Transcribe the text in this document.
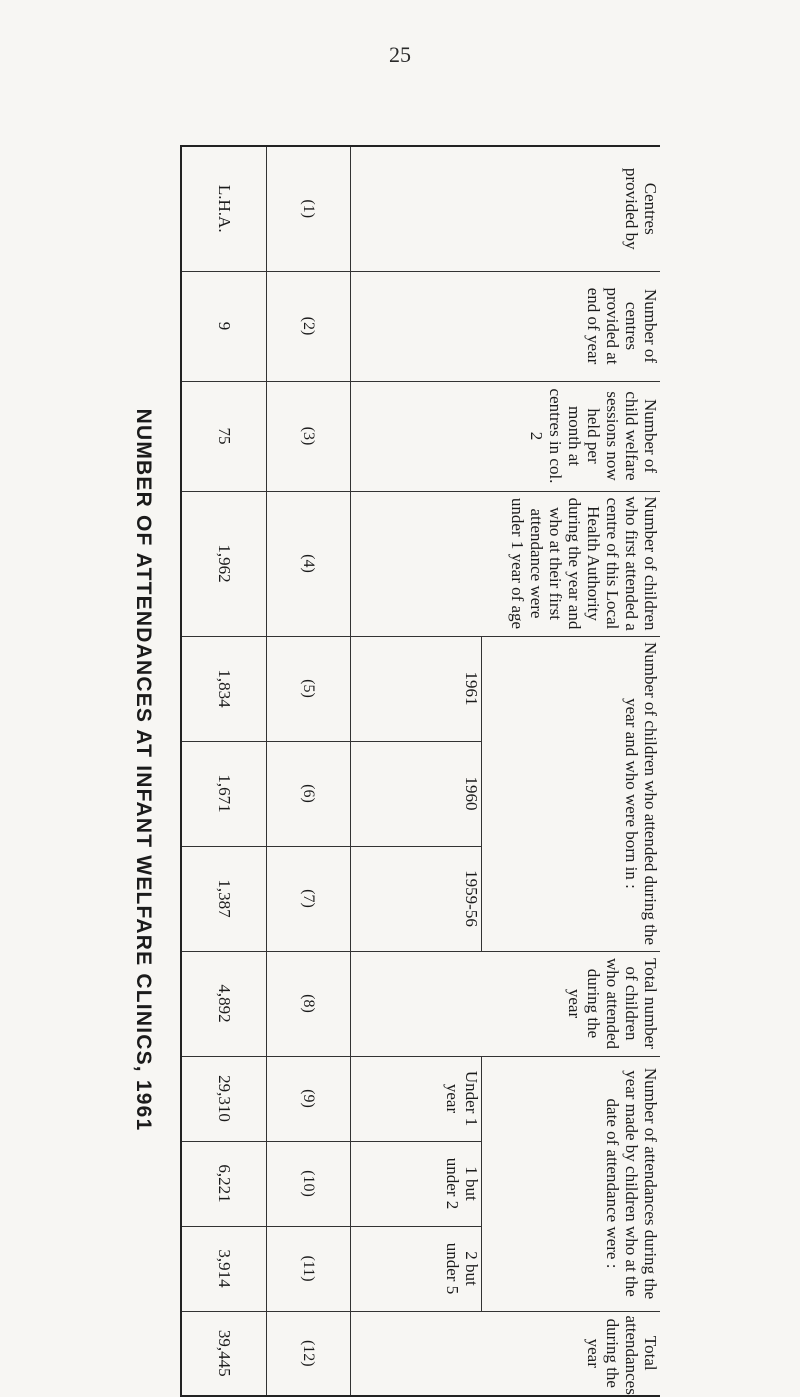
25
NUMBER OF ATTENDANCES AT INFANT WELFARE CLINICS, 1961
Centres provided by	Number of centres provided at end of year	Number of child welfare sessions now held per month at centres in col. 2	Number of children who first attended a centre of this Local Health Authority during the year and who at their first attendance were under 1 year of age	Number of children who attended during the year and who were born in :			Total number of children who attended during the year	Number of attendances during the year made by children who at the date of attendance were :			Total attendances during the year
				1961	1960	1959-56		Under 1 year	1 but under 2	2 but under 5	
(1)	(2)	(3)	(4)	(5)	(6)	(7)	(8)	(9)	(10)	(11)	(12)
L.H.A.	9	75	1,962	1,834	1,671	1,387	4,892	29,310	6,221	3,914	39,445
